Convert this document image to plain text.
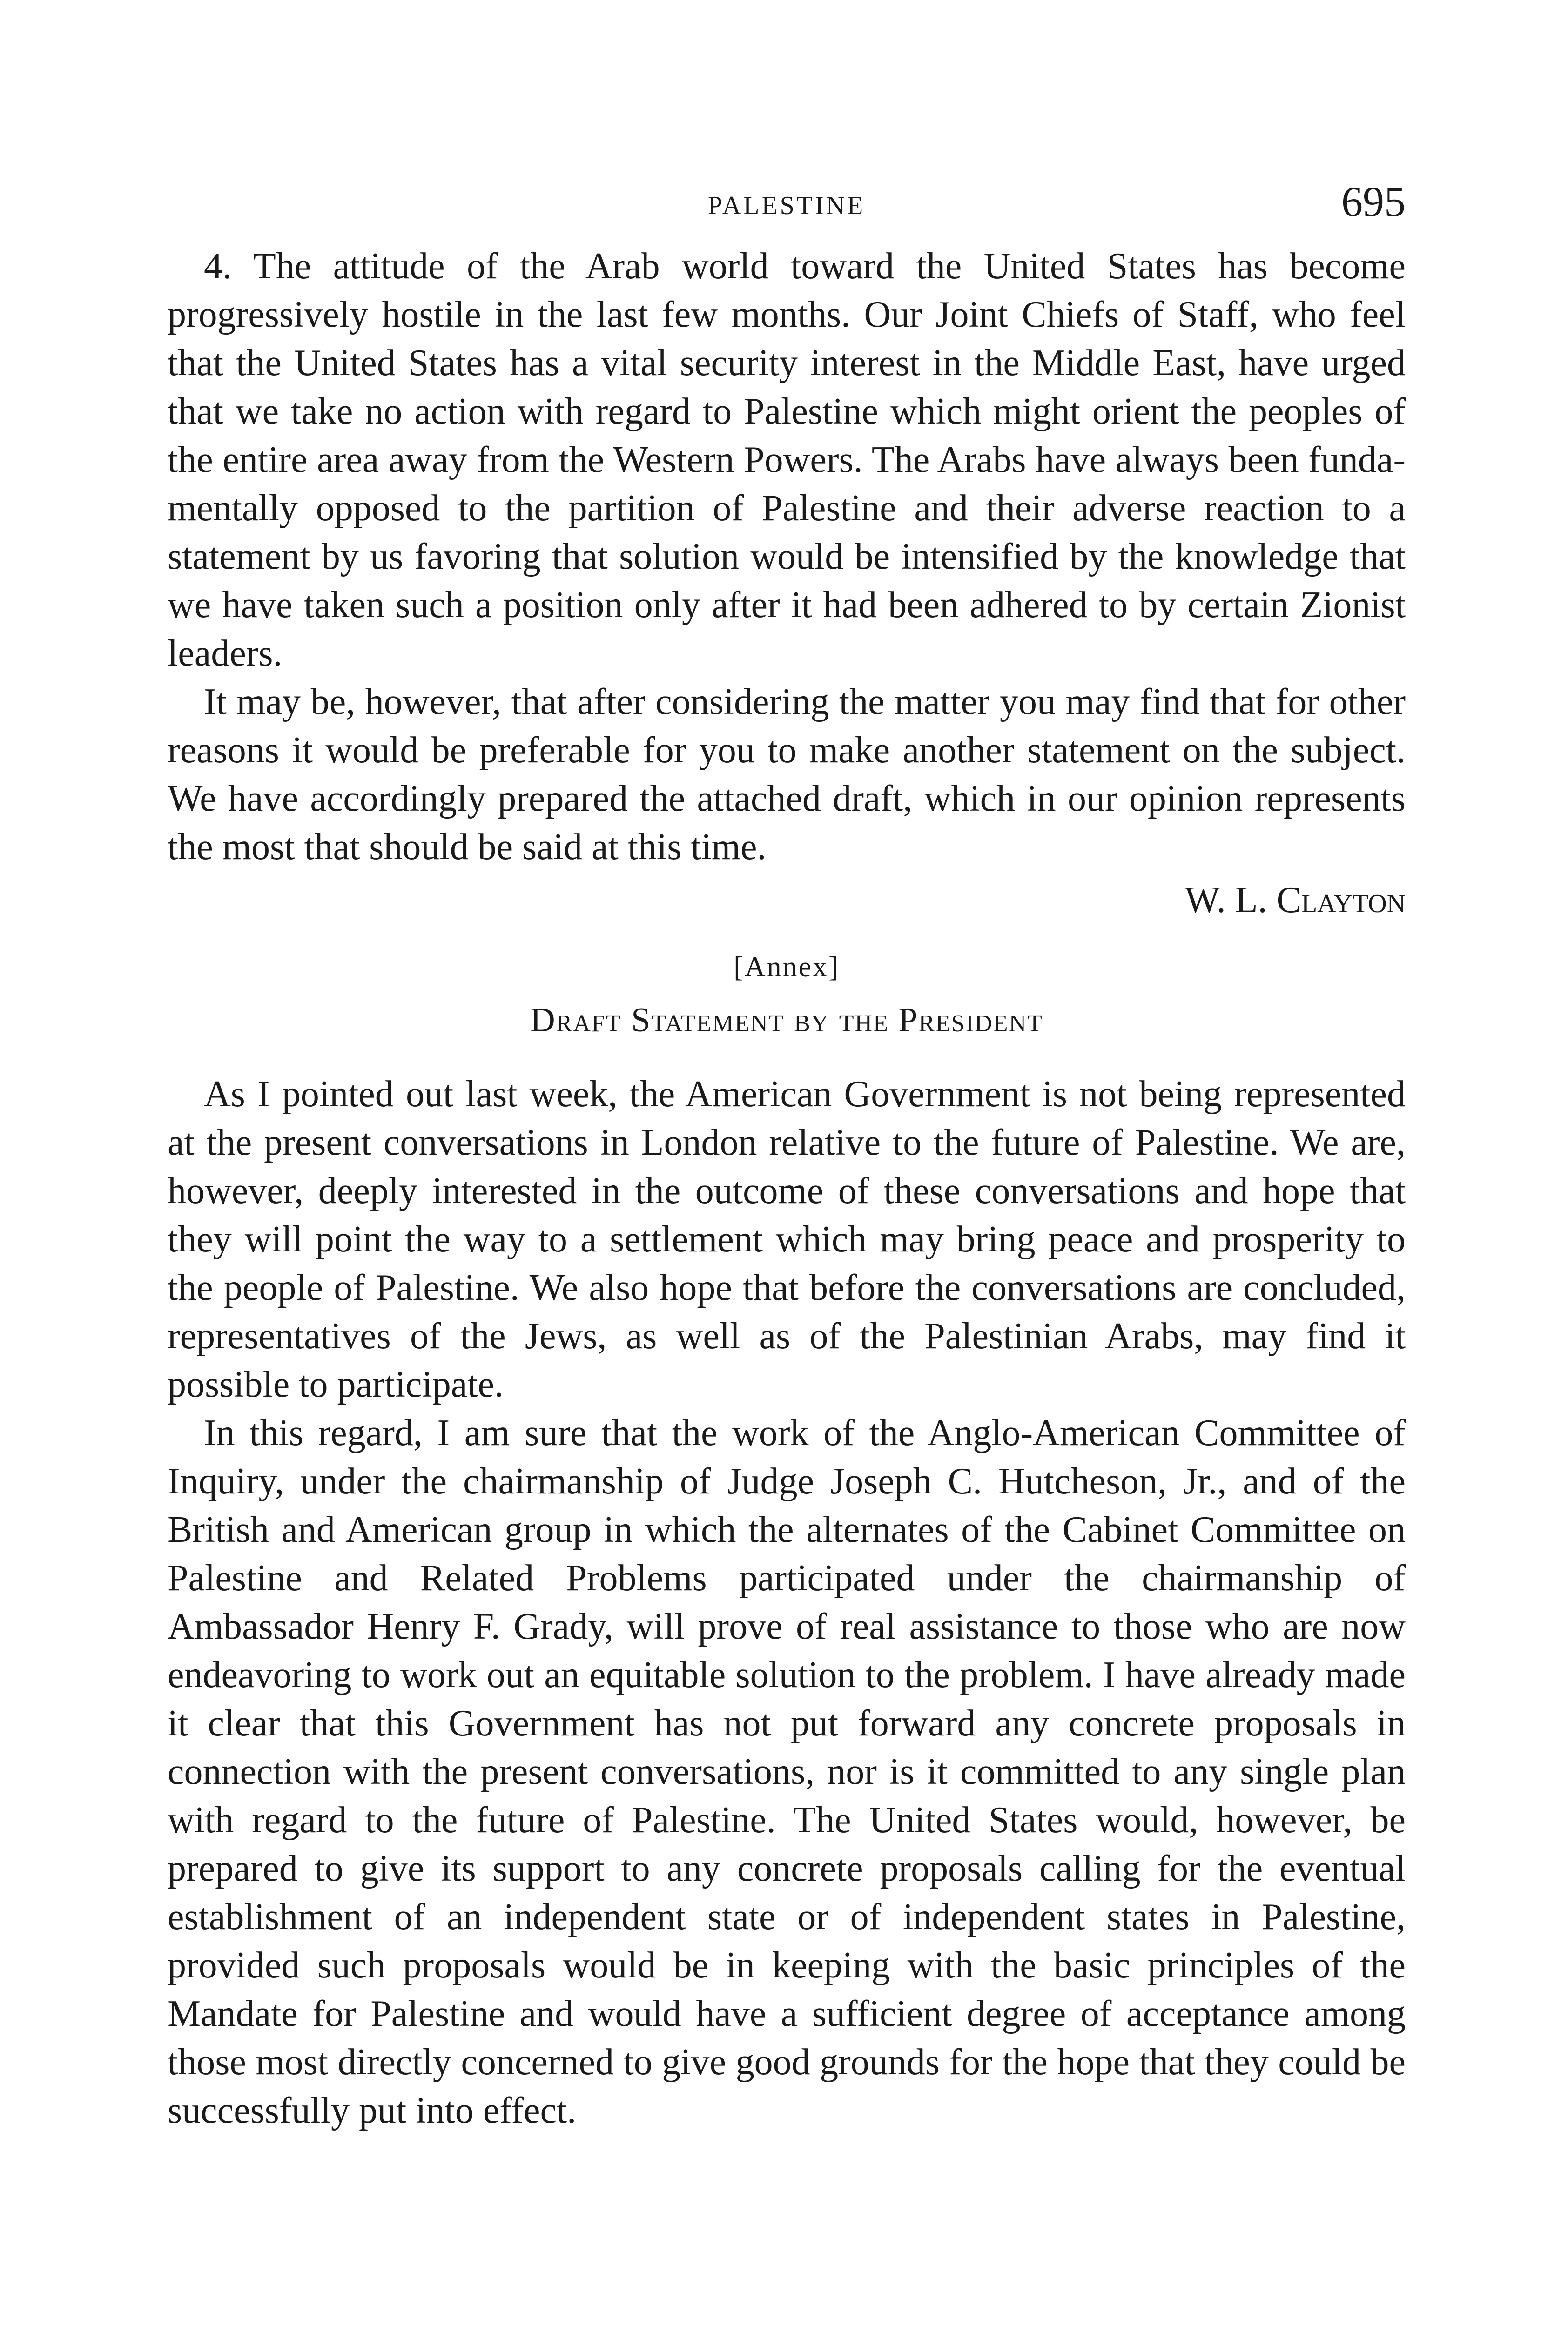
PALESTINE	695

4. The attitude of the Arab world toward the United States has become progressively hostile in the last few months. Our Joint Chiefs of Staff, who feel that the United States has a vital security interest in the Middle East, have urged that we take no action with regard to Palestine which might orient the peoples of the entire area away from the Western Powers. The Arabs have always been fundamentally opposed to the partition of Palestine and their adverse reaction to a statement by us favoring that solution would be intensified by the knowledge that we have taken such a position only after it had been adhered to by certain Zionist leaders.

It may be, however, that after considering the matter you may find that for other reasons it would be preferable for you to make another statement on the subject. We have accordingly prepared the attached draft, which in our opinion represents the most that should be said at this time.

W. L. Clayton
[Annex]
Draft Statement by the President

As I pointed out last week, the American Government is not being represented at the present conversations in London relative to the future of Palestine. We are, however, deeply interested in the outcome of these conversations and hope that they will point the way to a settlement which may bring peace and prosperity to the people of Palestine. We also hope that before the conversations are concluded, representatives of the Jews, as well as of the Palestinian Arabs, may find it possible to participate.

In this regard, I am sure that the work of the Anglo-American Committee of Inquiry, under the chairmanship of Judge Joseph C. Hutcheson, Jr., and of the British and American group in which the alternates of the Cabinet Committee on Palestine and Related Problems participated under the chairmanship of Ambassador Henry F. Grady, will prove of real assistance to those who are now endeavoring to work out an equitable solution to the problem. I have already made it clear that this Government has not put forward any concrete proposals in connection with the present conversations, nor is it committed to any single plan with regard to the future of Palestine. The United States would, however, be prepared to give its support to any concrete proposals calling for the eventual establishment of an independent state or of independent states in Palestine, provided such proposals would be in keeping with the basic principles of the Mandate for Palestine and would have a sufficient degree of acceptance among those most directly concerned to give good grounds for the hope that they could be successfully put into effect.
